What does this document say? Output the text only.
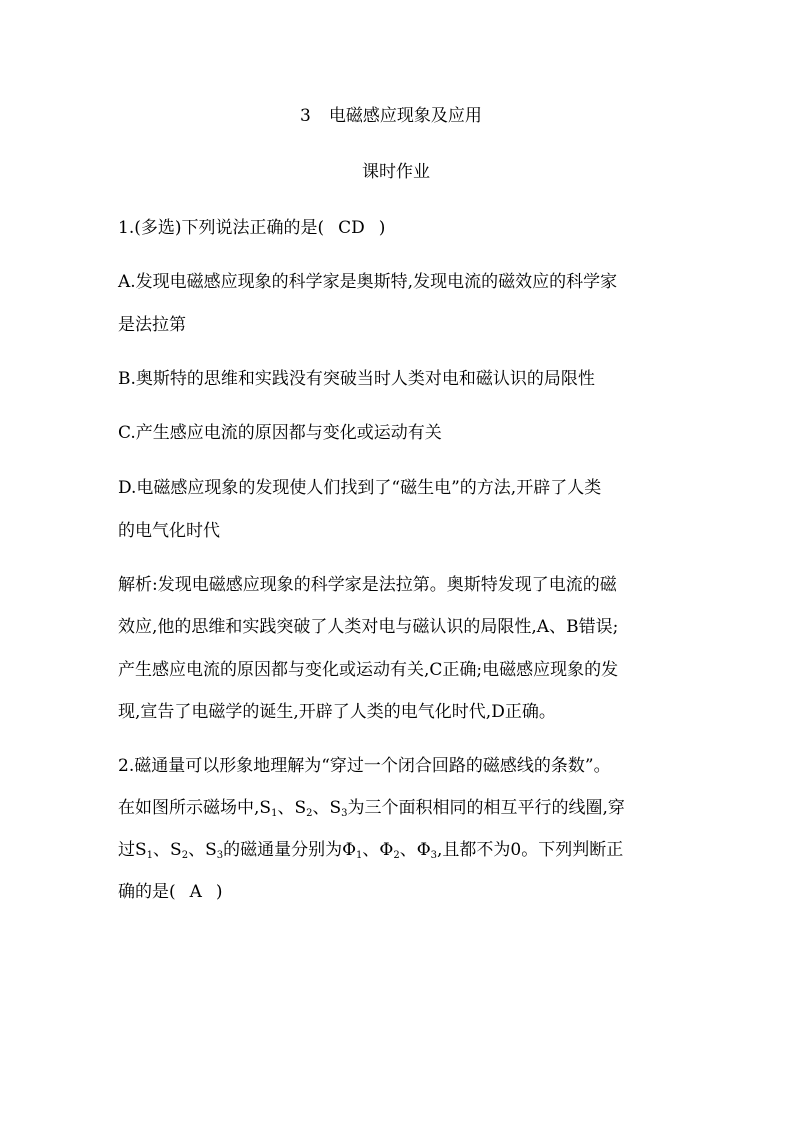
3 电磁感应现象及应用
课时作业
1.(多选)下列说法正确的是( CD )
A.发现电磁感应现象的科学家是奥斯特,发现电流的磁效应的科学家
是法拉第
B.奥斯特的思维和实践没有突破当时人类对电和磁认识的局限性
C.产生感应电流的原因都与变化或运动有关
D.电磁感应现象的发现使人们找到了“磁生电”的方法,开辟了人类
的电气化时代
解析:发现电磁感应现象的科学家是法拉第。奥斯特发现了电流的磁
效应,他的思维和实践突破了人类对电与磁认识的局限性,A、B错误;
产生感应电流的原因都与变化或运动有关,C正确;电磁感应现象的发
现,宣告了电磁学的诞生,开辟了人类的电气化时代,D正确。
2.磁通量可以形象地理解为“穿过一个闭合回路的磁感线的条数”。
在如图所示磁场中$,S_1$、$S_2$、$S_3$为三个面积相同的相互平行的线圈,穿
过$S_1$、$S_2$、$S_3$的磁通量分别为$\Phi_1$、$\Phi_2$、$\Phi_3$,且都不为0。下列判断正
确的是( A )
